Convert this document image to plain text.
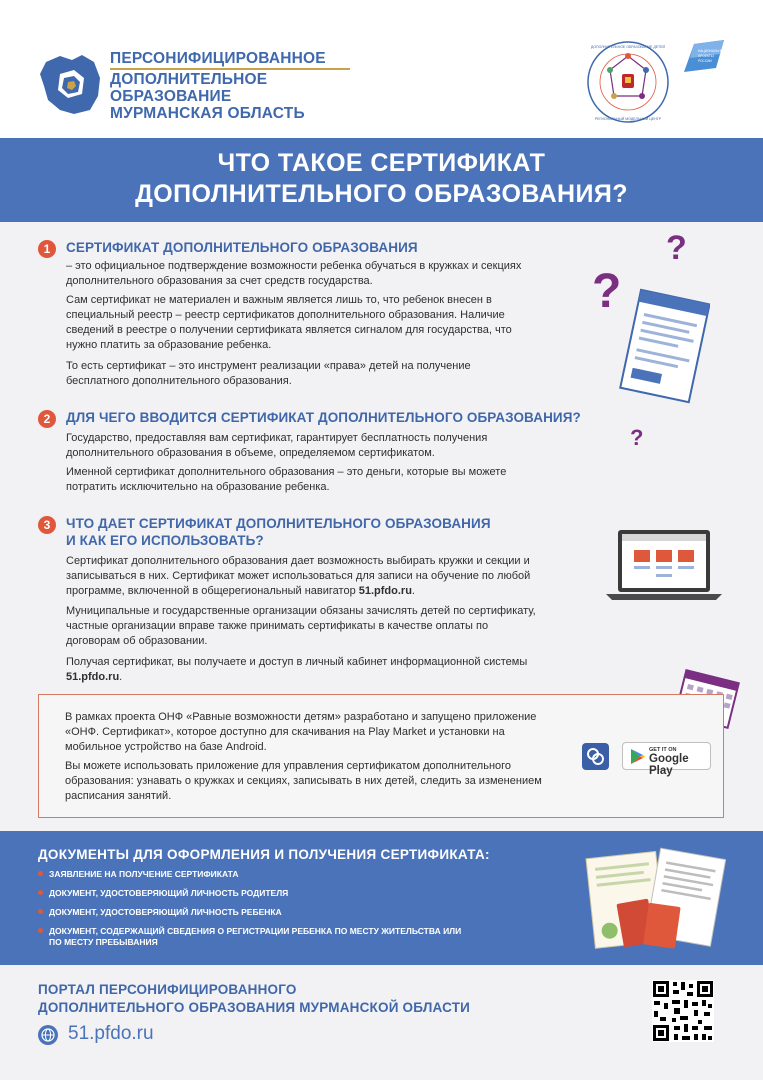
ПЕРСОНИФИЦИРОВАННОЕ
ДОПОЛНИТЕЛЬНОЕ
ОБРАЗОВАНИЕ
МУРМАНСКАЯ ОБЛАСТЬ	РЕГИОНАЛЬНЫЙ МОДЕЛЬНЫЙ ЦЕНТР
ДОПОЛНИТЕЛЬНОЕ ОБРАЗОВАНИЕ ДЕТЕЙ
НАЦИОНАЛЬНЫЕ
ПРОЕКТЫ
РОССИИ
ЧТО ТАКОЕ СЕРТИФИКАТ
ДОПОЛНИТЕЛЬНОГО ОБРАЗОВАНИЯ?
1	СЕРТИФИКАТ ДОПОЛНИТЕЛЬНОГО ОБРАЗОВАНИЯ
– это официальное подтверждение возможности ребенка обучаться в кружках и секциях дополнительного образования за счет средств государства.
Сам сертификат не материален и важным является лишь то, что ребенок внесен в специальный реестр – реестр сертификатов дополнительного образования. Наличие сведений в реестре о получении сертификата является сигналом для государства, что нужно платить за образование ребенка.
То есть сертификат – это инструмент реализации «права» детей на получение бесплатного дополнительного образования.
?
?
?
2	ДЛЯ ЧЕГО ВВОДИТСЯ СЕРТИФИКАТ ДОПОЛНИТЕЛЬНОГО ОБРАЗОВАНИЯ?
Государство, предоставляя вам сертификат, гарантирует бесплатность получения дополнительного образования в объеме, определяемом сертификатом.
Именной сертификат дополнительного образования – это деньги, которые вы можете потратить исключительно на образование ребенка.
3	ЧТО ДАЕТ СЕРТИФИКАТ ДОПОЛНИТЕЛЬНОГО ОБРАЗОВАНИЯ
И КАК ЕГО ИСПОЛЬЗОВАТЬ?
Сертификат дополнительного образования дает возможность выбирать кружки и секции и записываться в них. Сертификат может использоваться для записи на обучение по любой программе, включенной в общерегиональный навигатор 51.pfdo.ru.
Муниципальные и государственные организации обязаны зачислять детей по сертификату, частные организации вправе также принимать сертификаты в качестве оплаты по договорам об образовании.
Получая сертификат, вы получаете и доступ в личный кабинет информационной системы 51.pfdo.ru.
В рамках проекта ОНФ «Равные возможности детям» разработано и запущено приложение «ОНФ. Сертификат», которое доступно для скачивания на Play Market и установки на мобильное устройство на базе Android.
Вы можете использовать приложение для управления сертификатом дополнительного образования: узнавать о кружках и секциях, записывать в них детей, следить за изменением расписания занятий.
GET IT ON
Google Play
ДОКУМЕНТЫ ДЛЯ ОФОРМЛЕНИЯ И ПОЛУЧЕНИЯ СЕРТИФИКАТА:
ЗАЯВЛЕНИЕ НА ПОЛУЧЕНИЕ СЕРТИФИКАТА
ДОКУМЕНТ, УДОСТОВЕРЯЮЩИЙ ЛИЧНОСТЬ РОДИТЕЛЯ
ДОКУМЕНТ, УДОСТОВЕРЯЮЩИЙ ЛИЧНОСТЬ РЕБЕНКА
ДОКУМЕНТ, СОДЕРЖАЩИЙ СВЕДЕНИЯ О РЕГИСТРАЦИИ РЕБЕНКА ПО МЕСТУ ЖИТЕЛЬСТВА ИЛИ ПО МЕСТУ ПРЕБЫВАНИЯ
ПОРТАЛ ПЕРСОНИФИЦИРОВАННОГО
ДОПОЛНИТЕЛЬНОГО ОБРАЗОВАНИЯ МУРМАНСКОЙ ОБЛАСТИ
51.pfdo.ru
